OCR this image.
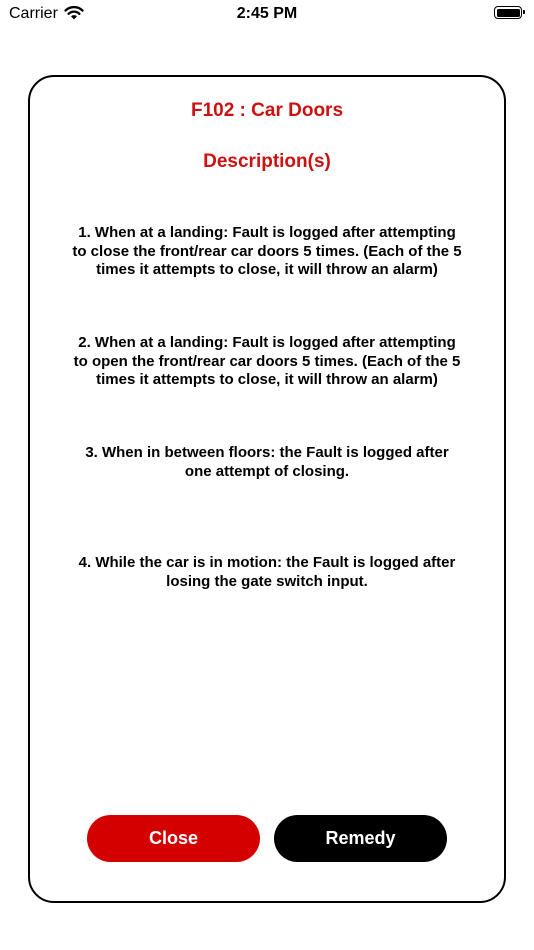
Carrier	2:45 PM
F102 : Car Doors
Description(s)
1. When at a landing: Fault is logged after attempting to close the front/rear car doors 5 times. (Each of the 5 times it attempts to close, it will throw an alarm)
2. When at a landing: Fault is logged after attempting to open the front/rear car doors 5 times. (Each of the 5 times it attempts to close, it will throw an alarm)
3. When in between floors: the Fault is logged after one attempt of closing.
4. While the car is in motion: the Fault is logged after losing the gate switch input.
Close	Remedy
